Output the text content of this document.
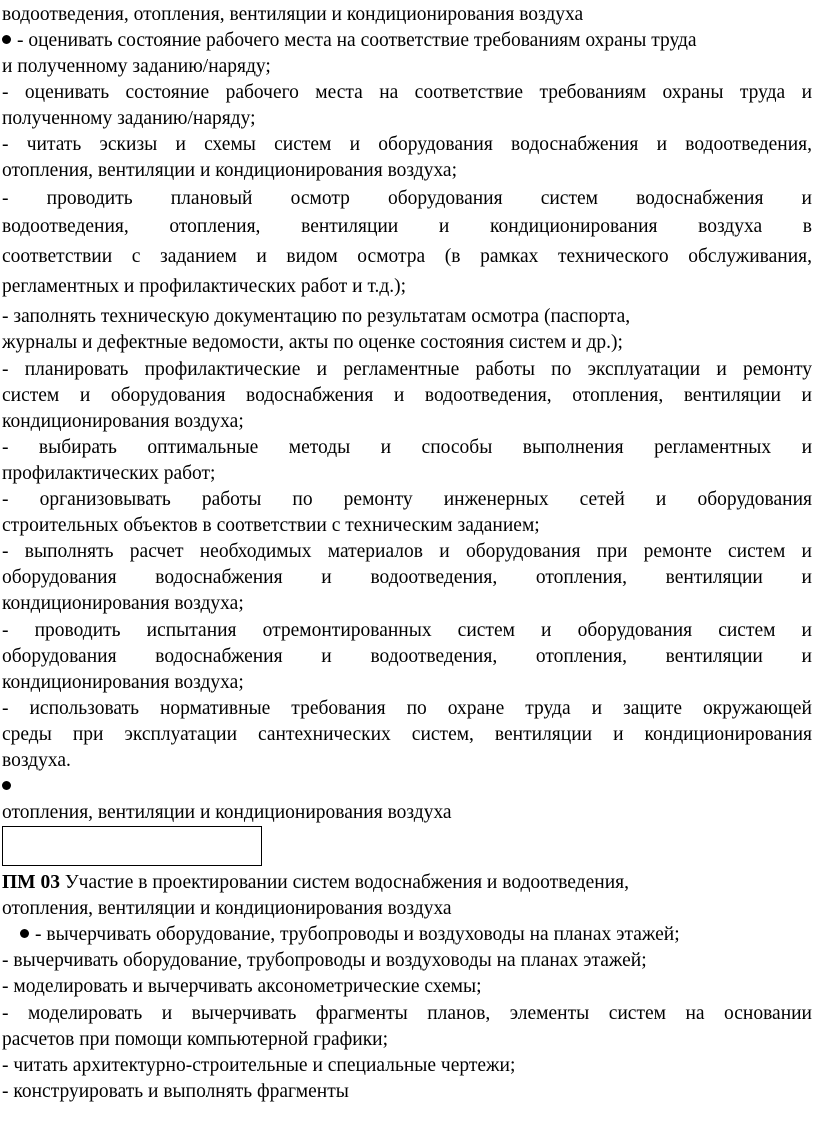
водоотведения, отопления, вентиляции и кондиционирования воздуха
- оценивать состояние рабочего места на соответствие требованиям охраны труда
и полученному заданию/наряду;
- оценивать состояние рабочего места на соответствие требованиям охраны труда и
полученному заданию/наряду;
- читать эскизы и схемы систем и оборудования водоснабжения и водоотведения,
отопления, вентиляции и кондиционирования воздуха;
- проводить плановый осмотр оборудования систем водоснабжения и
водоотведения, отопления, вентиляции и кондиционирования воздуха в
соответствии с заданием и видом осмотра (в рамках технического обслуживания,
регламентных и профилактических работ и т.д.);
- заполнять техническую документацию по результатам осмотра (паспорта,
журналы и дефектные ведомости, акты по оценке состояния систем и др.);
- планировать профилактические и регламентные работы по эксплуатации и ремонту
систем и оборудования водоснабжения и водоотведения, отопления, вентиляции и
кондиционирования воздуха;
- выбирать оптимальные методы и способы выполнения регламентных и
профилактических работ;
- организовывать работы по ремонту инженерных сетей и оборудования
строительных объектов в соответствии с техническим заданием;
- выполнять расчет необходимых материалов и оборудования при ремонте систем и
оборудования водоснабжения и водоотведения, отопления, вентиляции и
кондиционирования воздуха;
- проводить испытания отремонтированных систем и оборудования систем и
оборудования водоснабжения и водоотведения, отопления, вентиляции и
кондиционирования воздуха;
- использовать нормативные требования по охране труда и защите окружающей
среды при эксплуатации сантехнических систем, вентиляции и кондиционирования
воздуха.
отопления, вентиляции и кондиционирования воздуха
ПМ 03 Участие в проектировании систем водоснабжения и водоотведения,
отопления, вентиляции и кондиционирования воздуха
- вычерчивать оборудование, трубопроводы и воздуховоды на планах этажей;
- вычерчивать оборудование, трубопроводы и воздуховоды на планах этажей;
- моделировать и вычерчивать аксонометрические схемы;
- моделировать и вычерчивать фрагменты планов, элементы систем на основании
расчетов при помощи компьютерной графики;
- читать архитектурно-строительные и специальные чертежи;
- конструировать и выполнять фрагменты
